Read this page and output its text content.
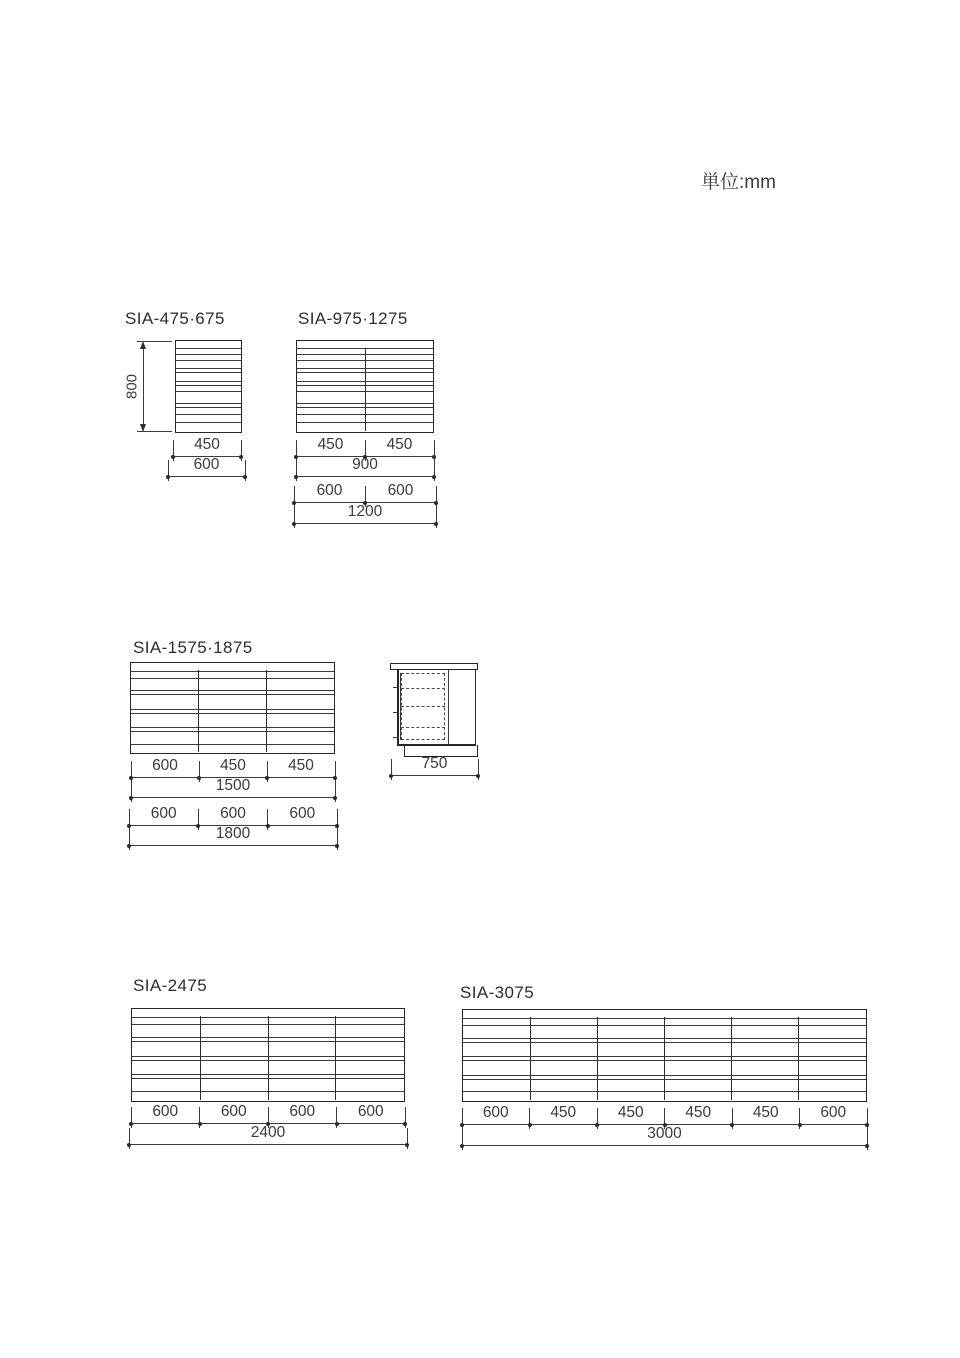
単位:mm
SIA-475·675	SIA-975·1275
SIA-1575·1875
SIA-2475	SIA-3075
800
450
600
450	450
900
600	600
1200
600	450	450
1500
600	600	600
1800
750
600	600	600	600
2400
600	450	450	450	450	600
3000
